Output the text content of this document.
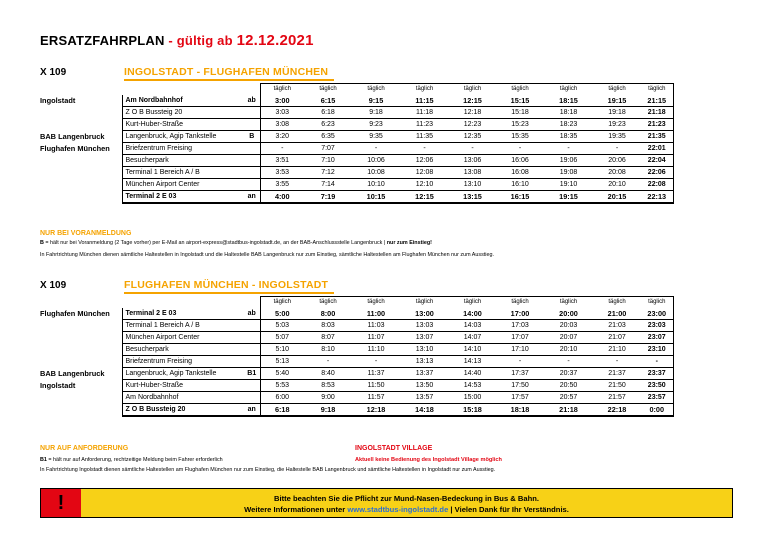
ERSATZFAHRPLAN - gültig ab 12.12.2021
X 109	INGOLSTADT - FLUGHAFEN MÜNCHEN
			täglich	täglich	täglich	täglich	täglich	täglich	täglich	täglich	täglich
Ingolstadt	Am Nordbahnhof	ab	3:00	6:15	9:15	11:15	12:15	15:15	18:15	19:15	21:15
	Z O B Bussteig 20		3:03	6:18	9:18	11:18	12:18	15:18	18:18	19:18	21:18
	Kurt-Huber-Straße		3:08	6:23	9:23	11:23	12:23	15:23	18:23	19:23	21:23
BAB Langenbruck	Langenbruck, Agip Tankstelle	B	3:20	6:35	9:35	11:35	12:35	15:35	18:35	19:35	21:35
Flughafen München	Briefzentrum Freising		-	7:07	-	-	-	-	-	-	22:01
	Besucherpark		3:51	7:10	10:06	12:06	13:06	16:06	19:06	20:06	22:04
	Terminal 1 Bereich A / B		3:53	7:12	10:08	12:08	13:08	16:08	19:08	20:08	22:06
	München Airport Center		3:55	7:14	10:10	12:10	13:10	16:10	19:10	20:10	22:08
	Terminal 2 E 03	an	4:00	7:19	10:15	12:15	13:15	16:15	19:15	20:15	22:13
NUR BEI VORANMELDUNG
B = hält nur bei Voranmeldung (2 Tage vorher) per E-Mail an airport-express@stadtbus-ingolstadt.de, an der BAB-Anschlussstelle Langenbruck | nur zum Einstieg!
In Fahrtrichtung München dienen sämtliche Haltestellen in Ingolstadt und die Haltestelle BAB Langenbruck nur zum Einstieg, sämtliche Haltestellen am Flughafen München nur zum Ausstieg.
X 109	FLUGHAFEN MÜNCHEN - INGOLSTADT
			täglich	täglich	täglich	täglich	täglich	täglich	täglich	täglich	täglich
Flughafen München	Terminal 2 E 03	ab	5:00	8:00	11:00	13:00	14:00	17:00	20:00	21:00	23:00
	Terminal 1 Bereich A / B		5:03	8:03	11:03	13:03	14:03	17:03	20:03	21:03	23:03
	München Airport Center		5:07	8:07	11:07	13:07	14:07	17:07	20:07	21:07	23:07
	Besucherpark		5:10	8:10	11:10	13:10	14:10	17:10	20:10	21:10	23:10
	Briefzentrum Freising		5:13	-	-	13:13	14:13	-	-	-	-
BAB Langenbruck	Langenbruck, Agip Tankstelle	B1	5:40	8:40	11:37	13:37	14:40	17:37	20:37	21:37	23:37
Ingolstadt	Kurt-Huber-Straße		5:53	8:53	11:50	13:50	14:53	17:50	20:50	21:50	23:50
	Am Nordbahnhof		6:00	9:00	11:57	13:57	15:00	17:57	20:57	21:57	23:57
	Z O B Bussteig 20	an	6:18	9:18	12:18	14:18	15:18	18:18	21:18	22:18	0:00
NUR AUF ANFORDERUNG	INGOLSTADT VILLAGE
B1 = hält nur auf Anforderung, rechtzeitige Meldung beim Fahrer erforderlich	Aktuell keine Bedienung des Ingolstadt Village möglich
In Fahrtrichtung Ingolstadt dienen sämtliche Haltestellen am Flughafen München nur zum Einstieg, die Haltestelle BAB Langenbruck und sämtliche Haltestellen in Ingolstadt nur zum Ausstieg.
!	Bitte beachten Sie die Pflicht zur Mund-Nasen-Bedeckung in Bus & Bahn.
Weitere Informationen unter www.stadtbus-ingolstadt.de | Vielen Dank für Ihr Verständnis.
